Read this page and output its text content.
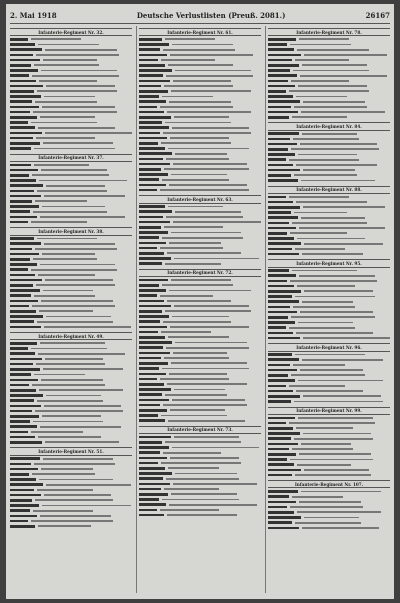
2. Mai 1918	Deutsche Verlustlisten (Preuß. 2081.)	26167
Infanterie-Regiment Nr. 32.
Infanterie-Regiment Nr. 37.
Infanterie-Regiment Nr. 38.
Infanterie-Regiment Nr. 49.
Infanterie-Regiment Nr. 51.
Infanterie-Regiment Nr. 61.
Infanterie-Regiment Nr. 63.
Infanterie-Regiment Nr. 72.
Infanterie-Regiment Nr. 73.
Infanterie-Regiment Nr. 78.
Infanterie-Regiment Nr. 84.
Infanterie-Regiment Nr. 88.
Infanterie-Regiment Nr. 95.
Infanterie-Regiment Nr. 96.
Infanterie-Regiment Nr. 99.
Infanterie-Regiment Nr. 107.
